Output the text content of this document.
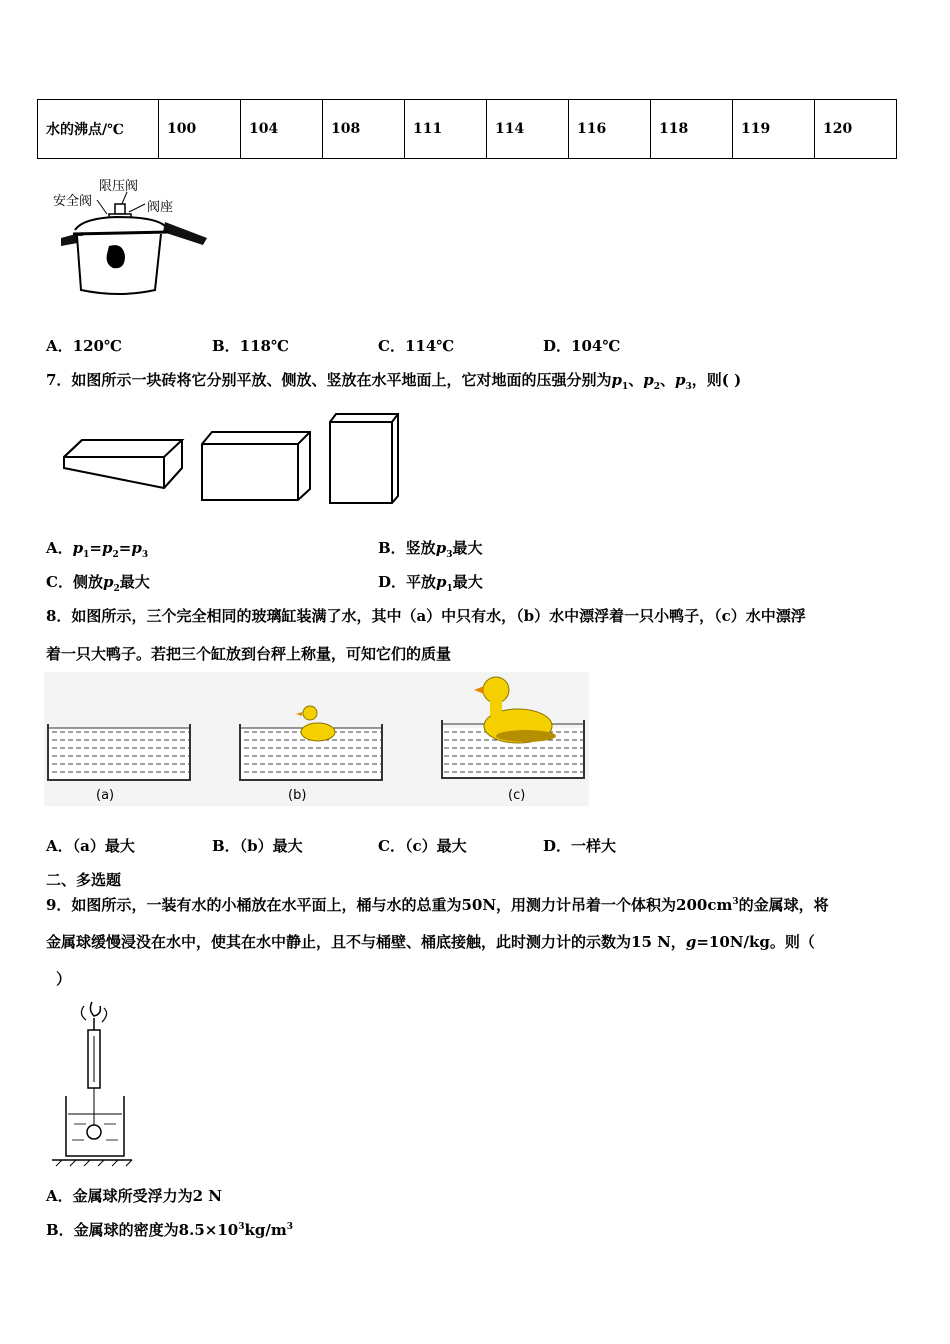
水的沸点/℃	100	104	108	111	114	116	118	119	120
限压阀
安全阀	阀座
A．120℃	B．118℃	C．114℃	D．104℃
7．如图所示一块砖将它分别平放、侧放、竖放在水平地面上，它对地面的压强分别为$p_1$、$p_2$、$p_3$，则( )
A．$p_1=p_2=p_3$	B．竖放$p_3$最大
C．侧放$p_2$最大	D．平放$p_1$最大
8．如图所示，三个完全相同的玻璃缸装满了水，其中（a）中只有水，（b）水中漂浮着一只小鸭子，（c）水中漂浮
着一只大鸭子。若把三个缸放到台秤上称量，可知它们的质量
(a)	(b)	(c)
A．（a）最大	B．（b）最大	C．（c）最大	D．一样大
二、多选题
9．如图所示，一装有水的小桶放在水平面上，桶与水的总重为50N，用测力计吊着一个体积为$200cm^3$的金属球，将
金属球缓慢浸没在水中，使其在水中静止，且不与桶壁、桶底接触，此时测力计的示数为15 N，g=10N/kg。则（
）
A．金属球所受浮力为2 N
B．金属球的密度为$8.5\times 10^3kg/m^3$
